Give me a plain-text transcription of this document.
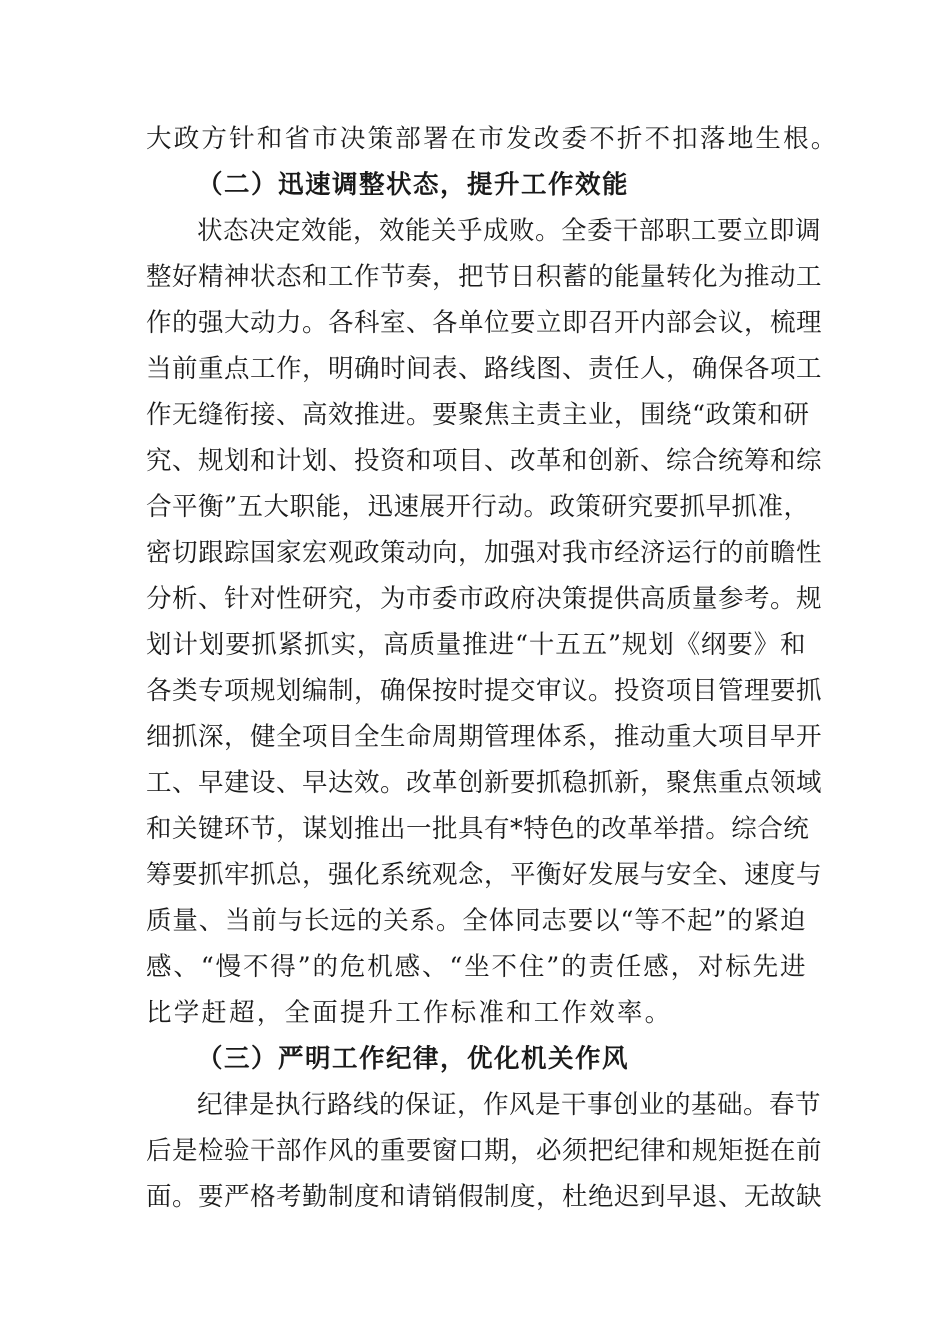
大政方针和省市决策部署在市发改委不折不扣落地生根。
（二）迅速调整状态，提升工作效能
状态决定效能，效能关乎成败。全委干部职工要立即调
整好精神状态和工作节奏，把节日积蓄的能量转化为推动工
作的强大动力。各科室、各单位要立即召开内部会议，梳理
当前重点工作，明确时间表、路线图、责任人，确保各项工
作无缝衔接、高效推进。要聚焦主责主业，围绕“政策和研
究、规划和计划、投资和项目、改革和创新、综合统筹和综
合平衡”五大职能，迅速展开行动。政策研究要抓早抓准，
密切跟踪国家宏观政策动向，加强对我市经济运行的前瞻性
分析、针对性研究，为市委市政府决策提供高质量参考。规
划计划要抓紧抓实，高质量推进“十五五”规划《纲要》和
各类专项规划编制，确保按时提交审议。投资项目管理要抓
细抓深，健全项目全生命周期管理体系，推动重大项目早开
工、早建设、早达效。改革创新要抓稳抓新，聚焦重点领域
和关键环节，谋划推出一批具有*特色的改革举措。综合统
筹要抓牢抓总，强化系统观念，平衡好发展与安全、速度与
质量、当前与长远的关系。全体同志要以“等不起”的紧迫
感、“慢不得”的危机感、“坐不住”的责任感，对标先进
比学赶超，全面提升工作标准和工作效率。
（三）严明工作纪律，优化机关作风
纪律是执行路线的保证，作风是干事创业的基础。春节
后是检验干部作风的重要窗口期，必须把纪律和规矩挺在前
面。要严格考勤制度和请销假制度，杜绝迟到早退、无故缺
